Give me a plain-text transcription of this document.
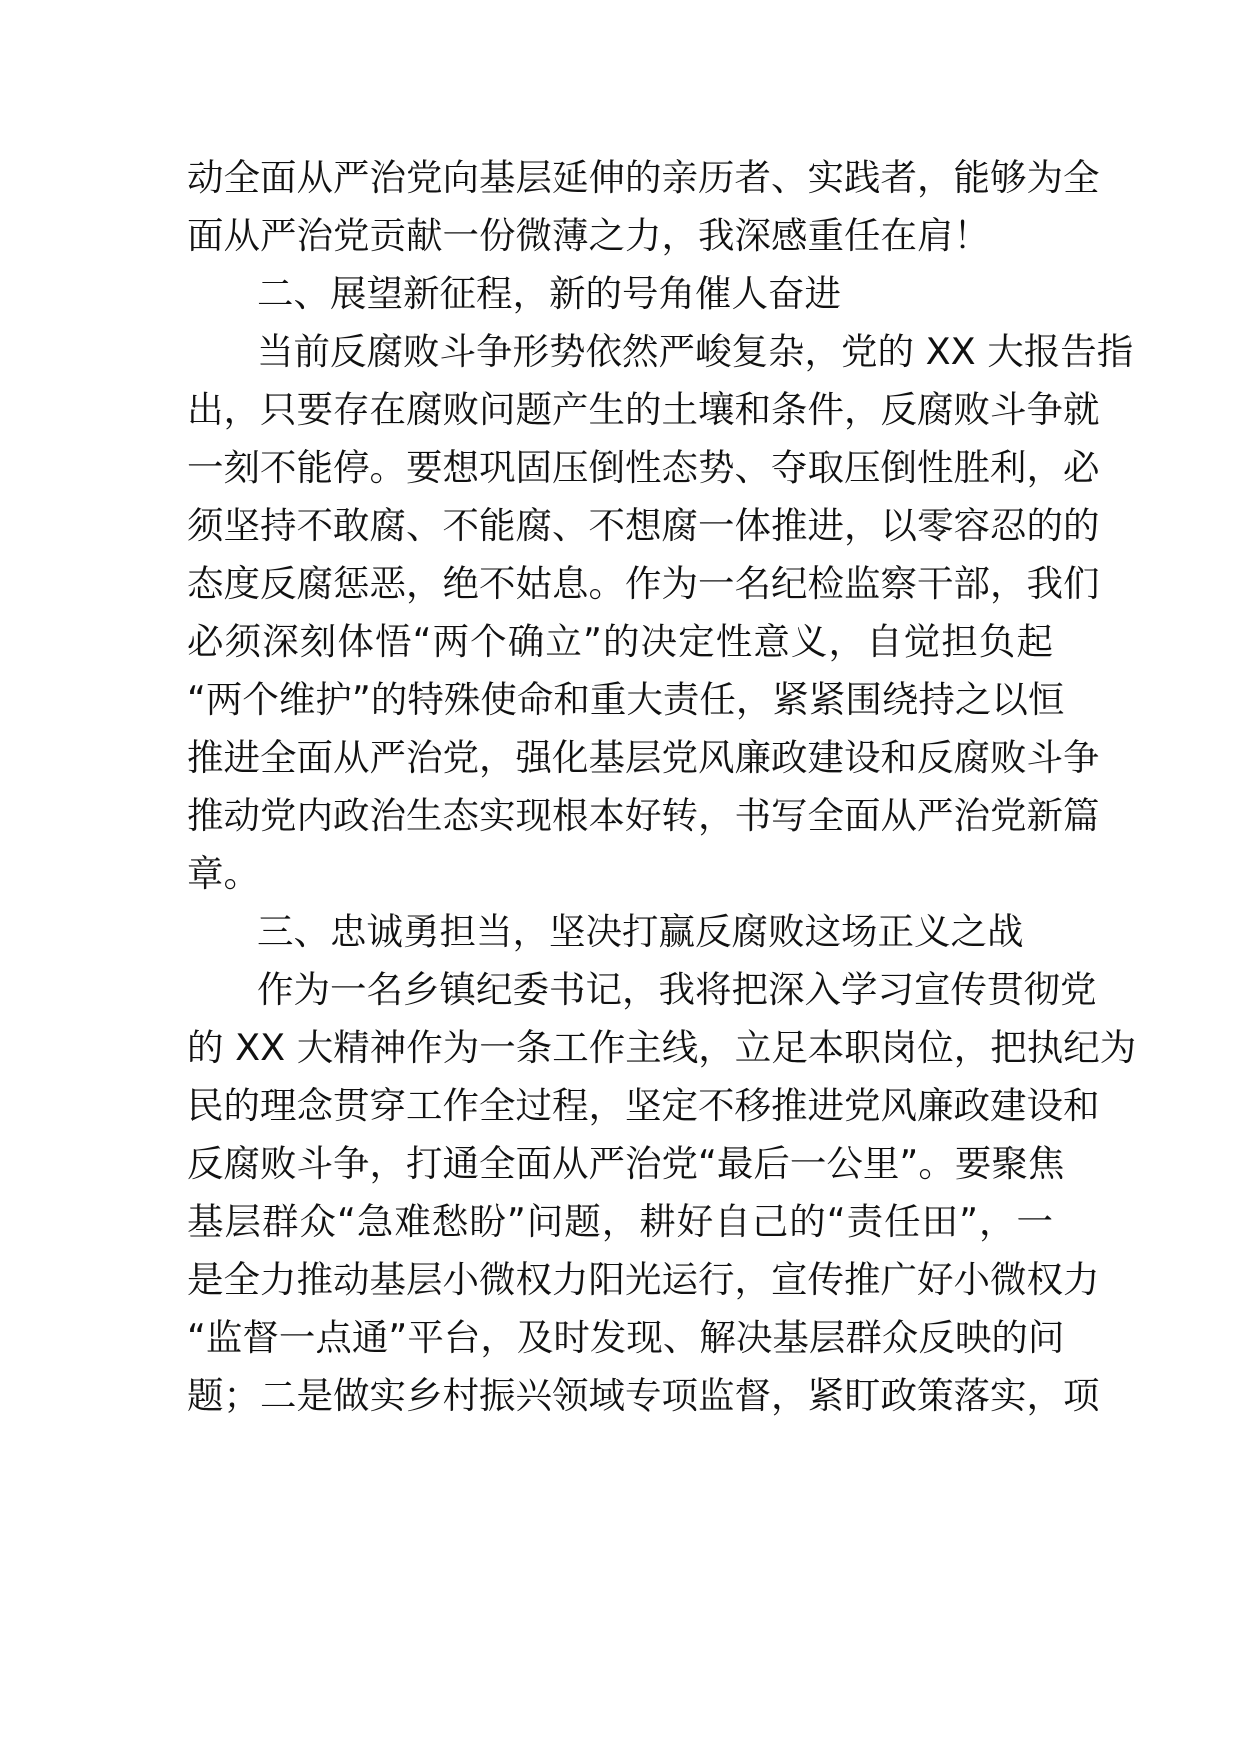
动全面从严治党向基层延伸的亲历者、实践者，能够为全
面从严治党贡献一份微薄之力，我深感重任在肩！
二、展望新征程，新的号角催人奋进
当前反腐败斗争形势依然严峻复杂，党的 XX 大报告指
出，只要存在腐败问题产生的土壤和条件，反腐败斗争就
一刻不能停。要想巩固压倒性态势、夺取压倒性胜利，必
须坚持不敢腐、不能腐、不想腐一体推进，以零容忍的的
态度反腐惩恶，绝不姑息。作为一名纪检监察干部，我们
必须深刻体悟“两个确立”的决定性意义，自觉担负起
“两个维护”的特殊使命和重大责任，紧紧围绕持之以恒
推进全面从严治党，强化基层党风廉政建设和反腐败斗争
推动党内政治生态实现根本好转，书写全面从严治党新篇
章。
三、忠诚勇担当，坚决打赢反腐败这场正义之战
作为一名乡镇纪委书记，我将把深入学习宣传贯彻党
的 XX 大精神作为一条工作主线，立足本职岗位，把执纪为
民的理念贯穿工作全过程，坚定不移推进党风廉政建设和
反腐败斗争，打通全面从严治党“最后一公里”。要聚焦
基层群众“急难愁盼”问题，耕好自己的“责任田”，一
是全力推动基层小微权力阳光运行，宣传推广好小微权力
“监督一点通”平台，及时发现、解决基层群众反映的问
题；二是做实乡村振兴领域专项监督，紧盯政策落实，项
